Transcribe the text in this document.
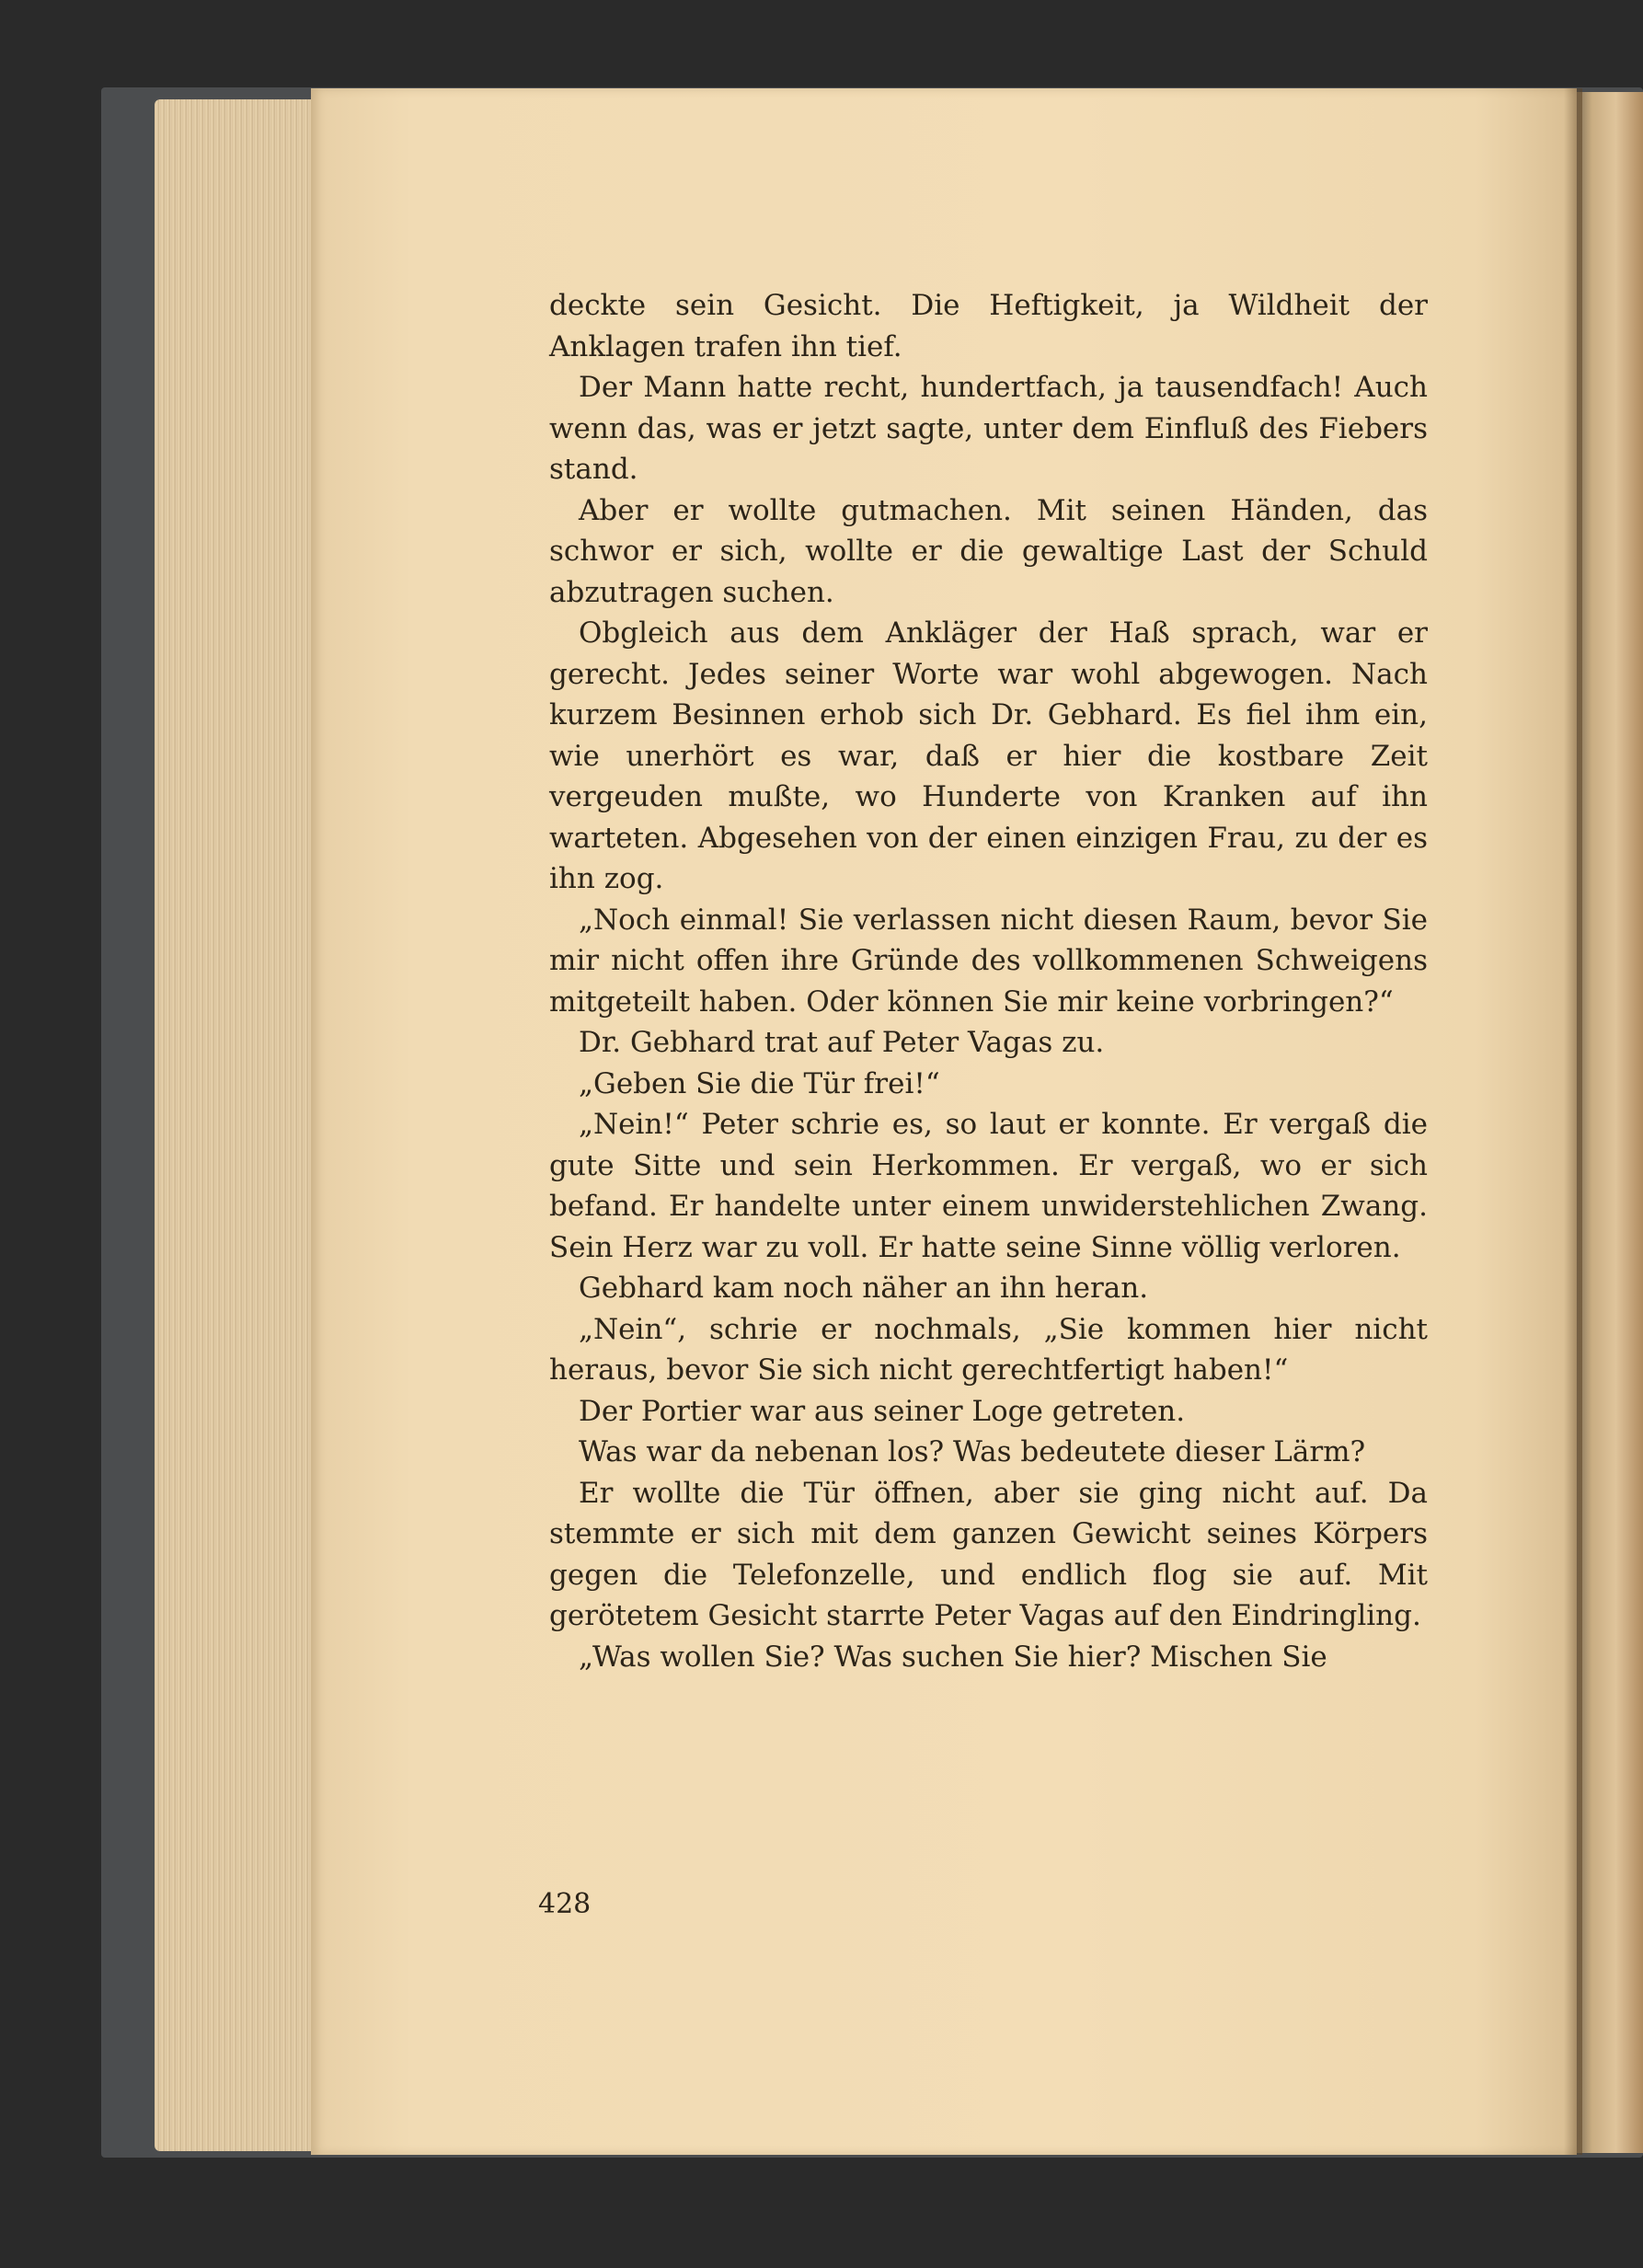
deckte sein Gesicht. Die Heftigkeit, ja Wildheit der Anklagen trafen ihn tief.

Der Mann hatte recht, hundertfach, ja tausendfach! Auch wenn das, was er jetzt sagte, unter dem Einfluß des Fiebers stand.

Aber er wollte gutmachen. Mit seinen Händen, das schwor er sich, wollte er die gewaltige Last der Schuld abzutragen suchen.

Obgleich aus dem Ankläger der Haß sprach, war er gerecht. Jedes seiner Worte war wohl abgewogen. Nach kurzem Besinnen erhob sich Dr. Gebhard. Es fiel ihm ein, wie unerhört es war, daß er hier die kostbare Zeit vergeuden mußte, wo Hunderte von Kranken auf ihn warteten. Abgesehen von der einen einzigen Frau, zu der es ihn zog.

„Noch einmal! Sie verlassen nicht diesen Raum, bevor Sie mir nicht offen ihre Gründe des vollkommenen Schweigens mitgeteilt haben. Oder können Sie mir keine vorbringen?“

Dr. Gebhard trat auf Peter Vagas zu.

„Geben Sie die Tür frei!“

„Nein!“ Peter schrie es, so laut er konnte. Er vergaß die gute Sitte und sein Herkommen. Er vergaß, wo er sich befand. Er handelte unter einem unwiderstehlichen Zwang. Sein Herz war zu voll. Er hatte seine Sinne völlig verloren.

Gebhard kam noch näher an ihn heran.

„Nein“, schrie er nochmals, „Sie kommen hier nicht heraus, bevor Sie sich nicht gerechtfertigt haben!“

Der Portier war aus seiner Loge getreten.

Was war da nebenan los? Was bedeutete dieser Lärm?

Er wollte die Tür öffnen, aber sie ging nicht auf. Da stemmte er sich mit dem ganzen Gewicht seines Körpers gegen die Telefonzelle, und endlich flog sie auf. Mit gerötetem Gesicht starrte Peter Vagas auf den Eindringling.

„Was wollen Sie? Was suchen Sie hier? Mischen Sie

428
